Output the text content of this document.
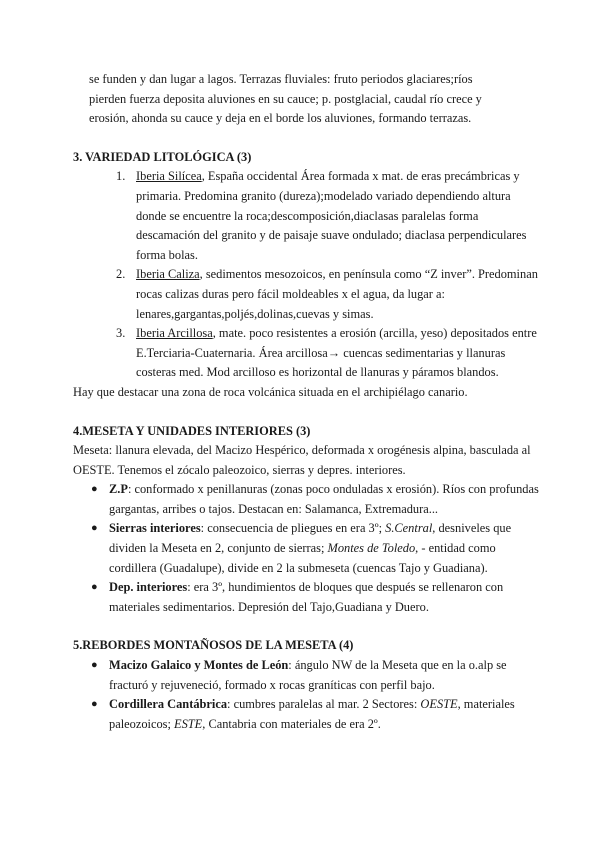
se funden y dan lugar a lagos. Terrazas fluviales: fruto periodos glaciares;ríos

pierden fuerza deposita aluviones en su cauce; p. postglacial, caudal río crece y

erosión, ahonda su cauce y deja en el borde los aluviones, formando terrazas.

3. VARIEDAD LITOLÓGICA (3)

1. Iberia Silícea, España occidental Área formada x mat. de eras precámbricas y primaria. Predomina granito (dureza);modelado variado dependiendo altura donde se encuentre la roca;descomposición,diaclasas paralelas forma descamación del granito y de paisaje suave ondulado; diaclasa perpendiculares forma bolas.
2. Iberia Caliza, sedimentos mesozoicos, en península como “Z inver”. Predominan rocas calizas duras pero fácil moldeables x el agua, da lugar a: lenares,gargantas,poljés,dolinas,cuevas y simas.
3. Iberia Arcillosa, mate. poco resistentes a erosión (arcilla, yeso) depositados entre E.Terciaria-Cuaternaria. Área arcillosa→ cuencas sedimentarias y llanuras costeras med. Mod arcilloso es horizontal de llanuras y páramos blandos.

Hay que destacar una zona de roca volcánica situada en el archipiélago canario.

4.MESETA Y UNIDADES INTERIORES (3)

Meseta: llanura elevada, del Macizo Hespérico, deformada x orogénesis alpina, basculada al OESTE. Tenemos el zócalo paleozoico, sierras y depres. interiores.

● Z.P: conformado x penillanuras (zonas poco onduladas x erosión). Ríos con profundas gargantas, arribes o tajos. Destacan en: Salamanca, Extremadura...
● Sierras interiores: consecuencia de pliegues en era 3º; S.Central, desniveles que dividen la Meseta en 2, conjunto de sierras; Montes de Toledo, - entidad como cordillera (Guadalupe), divide en 2 la submeseta (cuencas Tajo y Guadiana).
● Dep. interiores: era 3º, hundimientos de bloques que después se rellenaron con materiales sedimentarios. Depresión del Tajo,Guadiana y Duero.

5.REBORDES MONTAÑOSOS DE LA MESETA (4)

● Macizo Galaico y Montes de León: ángulo NW de la Meseta que en la o.alp se fracturó y rejuveneció, formado x rocas graníticas con perfil bajo.
● Cordillera Cantábrica: cumbres paralelas al mar. 2 Sectores: OESTE, materiales paleozoicos; ESTE, Cantabria con materiales de era 2º.
